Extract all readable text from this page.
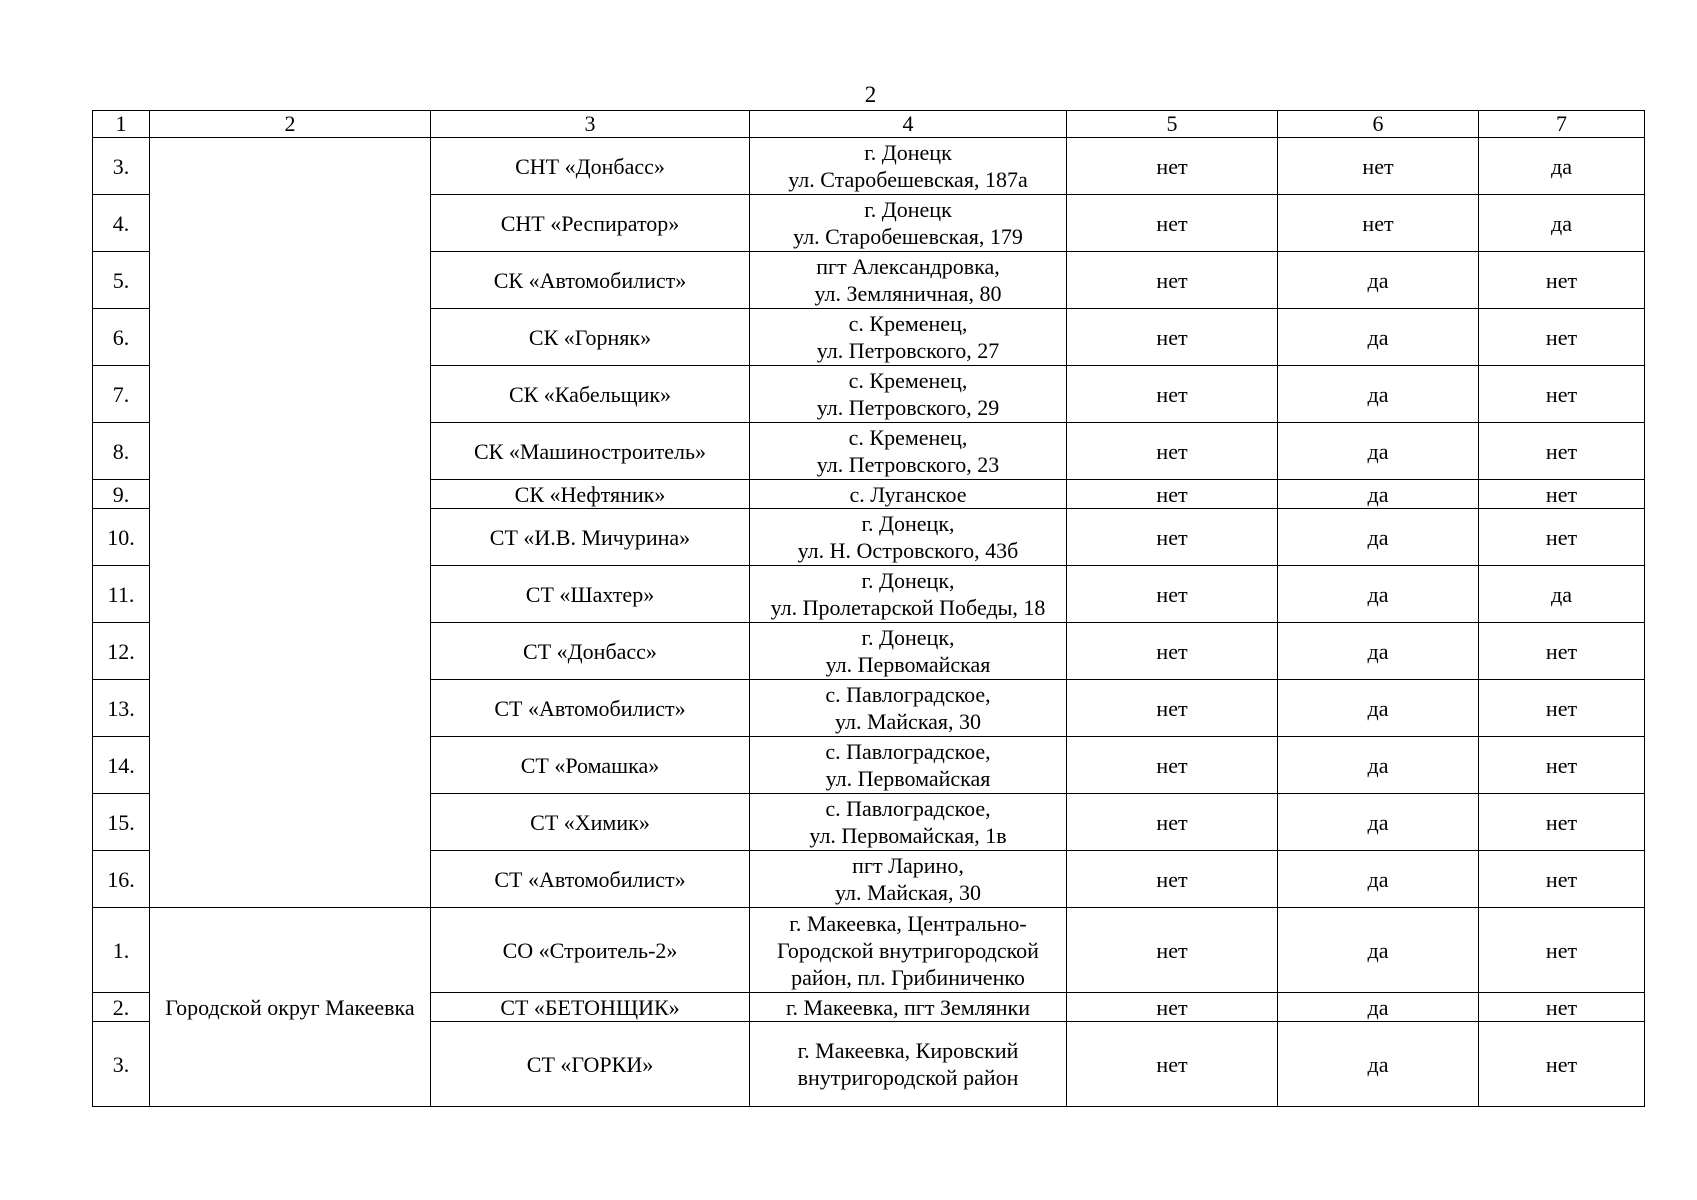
2
1	2	3	4	5	6	7
3.		СНТ «Донбасс»	г. Донецк
ул. Старобешевская, 187а	нет	нет	да
4.		СНТ «Респиратор»	г. Донецк
ул. Старобешевская, 179	нет	нет	да
5.		СК «Автомобилист»	пгт Александровка,
ул. Земляничная, 80	нет	да	нет
6.		СК «Горняк»	с. Кременец,
ул. Петровского, 27	нет	да	нет
7.		СК «Кабельщик»	с. Кременец,
ул. Петровского, 29	нет	да	нет
8.		СК «Машиностроитель»	с. Кременец,
ул. Петровского, 23	нет	да	нет
9.		СК «Нефтяник»	с. Луганское	нет	да	нет
10.		СТ «И.В. Мичурина»	г. Донецк,
ул. Н. Островского, 43б	нет	да	нет
11.		СТ «Шахтер»	г. Донецк,
ул. Пролетарской Победы, 18	нет	да	да
12.		СТ «Донбасс»	г. Донецк,
ул. Первомайская	нет	да	нет
13.		СТ «Автомобилист»	с. Павлоградское,
ул. Майская, 30	нет	да	нет
14.		СТ «Ромашка»	с. Павлоградское,
ул. Первомайская	нет	да	нет
15.		СТ «Химик»	с. Павлоградское,
ул. Первомайская, 1в	нет	да	нет
16.		СТ «Автомобилист»	пгт Ларино,
ул. Майская, 30	нет	да	нет
1.	Городской округ Макеевка	СО «Строитель-2»	г. Макеевка, Центрально-
Городской внутригородской
район, пл. Грибиниченко	нет	да	нет
2.		СТ «БЕТОНЩИК»	г. Макеевка, пгт Землянки	нет	да	нет
3.		СТ «ГОРКИ»	г. Макеевка, Кировский
внутригородской район	нет	да	нет
